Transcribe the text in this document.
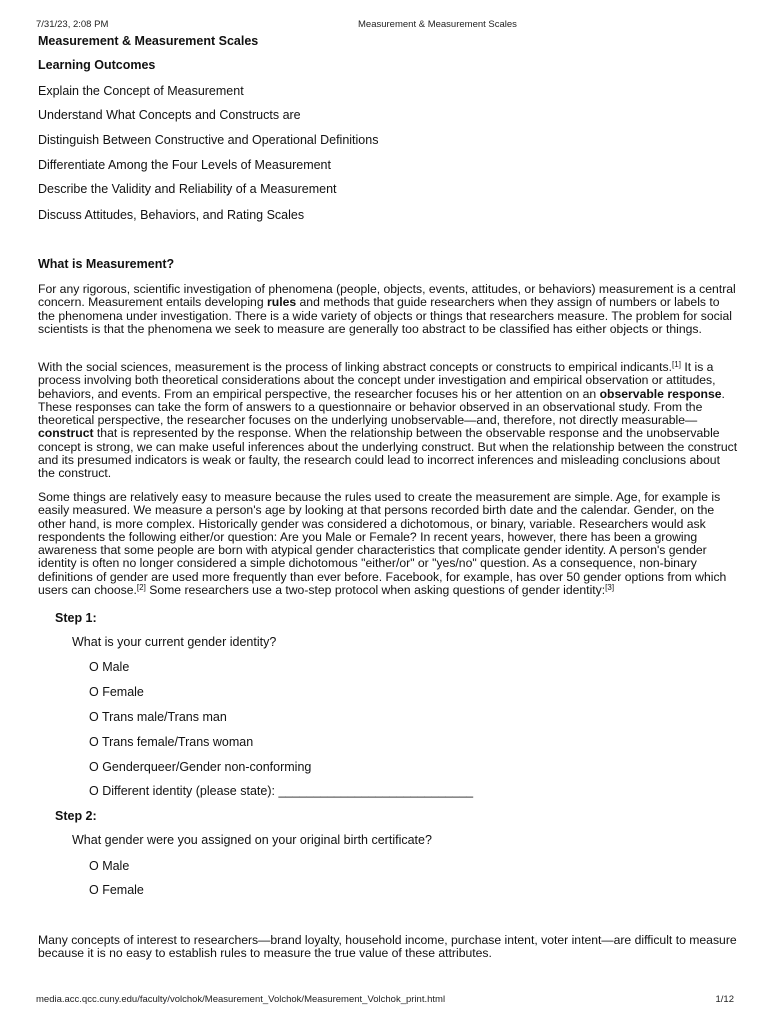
7/31/23, 2:08 PM	Measurement & Measurement Scales
Measurement & Measurement Scales
Learning Outcomes
Explain the Concept of Measurement
Understand What Concepts and Constructs are
Distinguish Between Constructive and Operational Definitions
Differentiate Among the Four Levels of Measurement
Describe the Validity and Reliability of a Measurement
Discuss Attitudes, Behaviors, and Rating Scales
What is Measurement?
For any rigorous, scientific investigation of phenomena (people, objects, events, attitudes, or behaviors) measurement is a central concern. Measurement entails developing rules and methods that guide researchers when they assign of numbers or labels to the phenomena under investigation. There is a wide variety of objects or things that researchers measure. The problem for social scientists is that the phenomena we seek to measure are generally too abstract to be classified has either objects or things.
With the social sciences, measurement is the process of linking abstract concepts or constructs to empirical indicants.[1] It is a process involving both theoretical considerations about the concept under investigation and empirical observation or attitudes, behaviors, and events. From an empirical perspective, the researcher focuses his or her attention on an observable response. These responses can take the form of answers to a questionnaire or behavior observed in an observational study. From the theoretical perspective, the researcher focuses on the underlying unobservable—and, therefore, not directly measurable—construct that is represented by the response. When the relationship between the observable response and the unobservable concept is strong, we can make useful inferences about the underlying construct. But when the relationship between the construct and its presumed indicators is weak or faulty, the research could lead to incorrect inferences and misleading conclusions about the construct.
Some things are relatively easy to measure because the rules used to create the measurement are simple. Age, for example is easily measured. We measure a person's age by looking at that persons recorded birth date and the calendar. Gender, on the other hand, is more complex. Historically gender was considered a dichotomous, or binary, variable. Researchers would ask respondents the following either/or question: Are you Male or Female? In recent years, however, there has been a growing awareness that some people are born with atypical gender characteristics that complicate gender identity. A person's gender identity is often no longer considered a simple dichotomous "either/or" or "yes/no" question. As a consequence, non-binary definitions of gender are used more frequently than ever before. Facebook, for example, has over 50 gender options from which users can choose.[2] Some researchers use a two-step protocol when asking questions of gender identity:[3]
Step 1:
What is your current gender identity?
O Male
O Female
O Trans male/Trans man
O Trans female/Trans woman
O Genderqueer/Gender non-conforming
O Different identity (please state): ____________________________
Step 2:
What gender were you assigned on your original birth certificate?
O Male
O Female
Many concepts of interest to researchers—brand loyalty, household income, purchase intent, voter intent—are difficult to measure because it is no easy to establish rules to measure the true value of these attributes.
media.acc.qcc.cuny.edu/faculty/volchok/Measurement_Volchok/Measurement_Volchok_print.html	1/12
